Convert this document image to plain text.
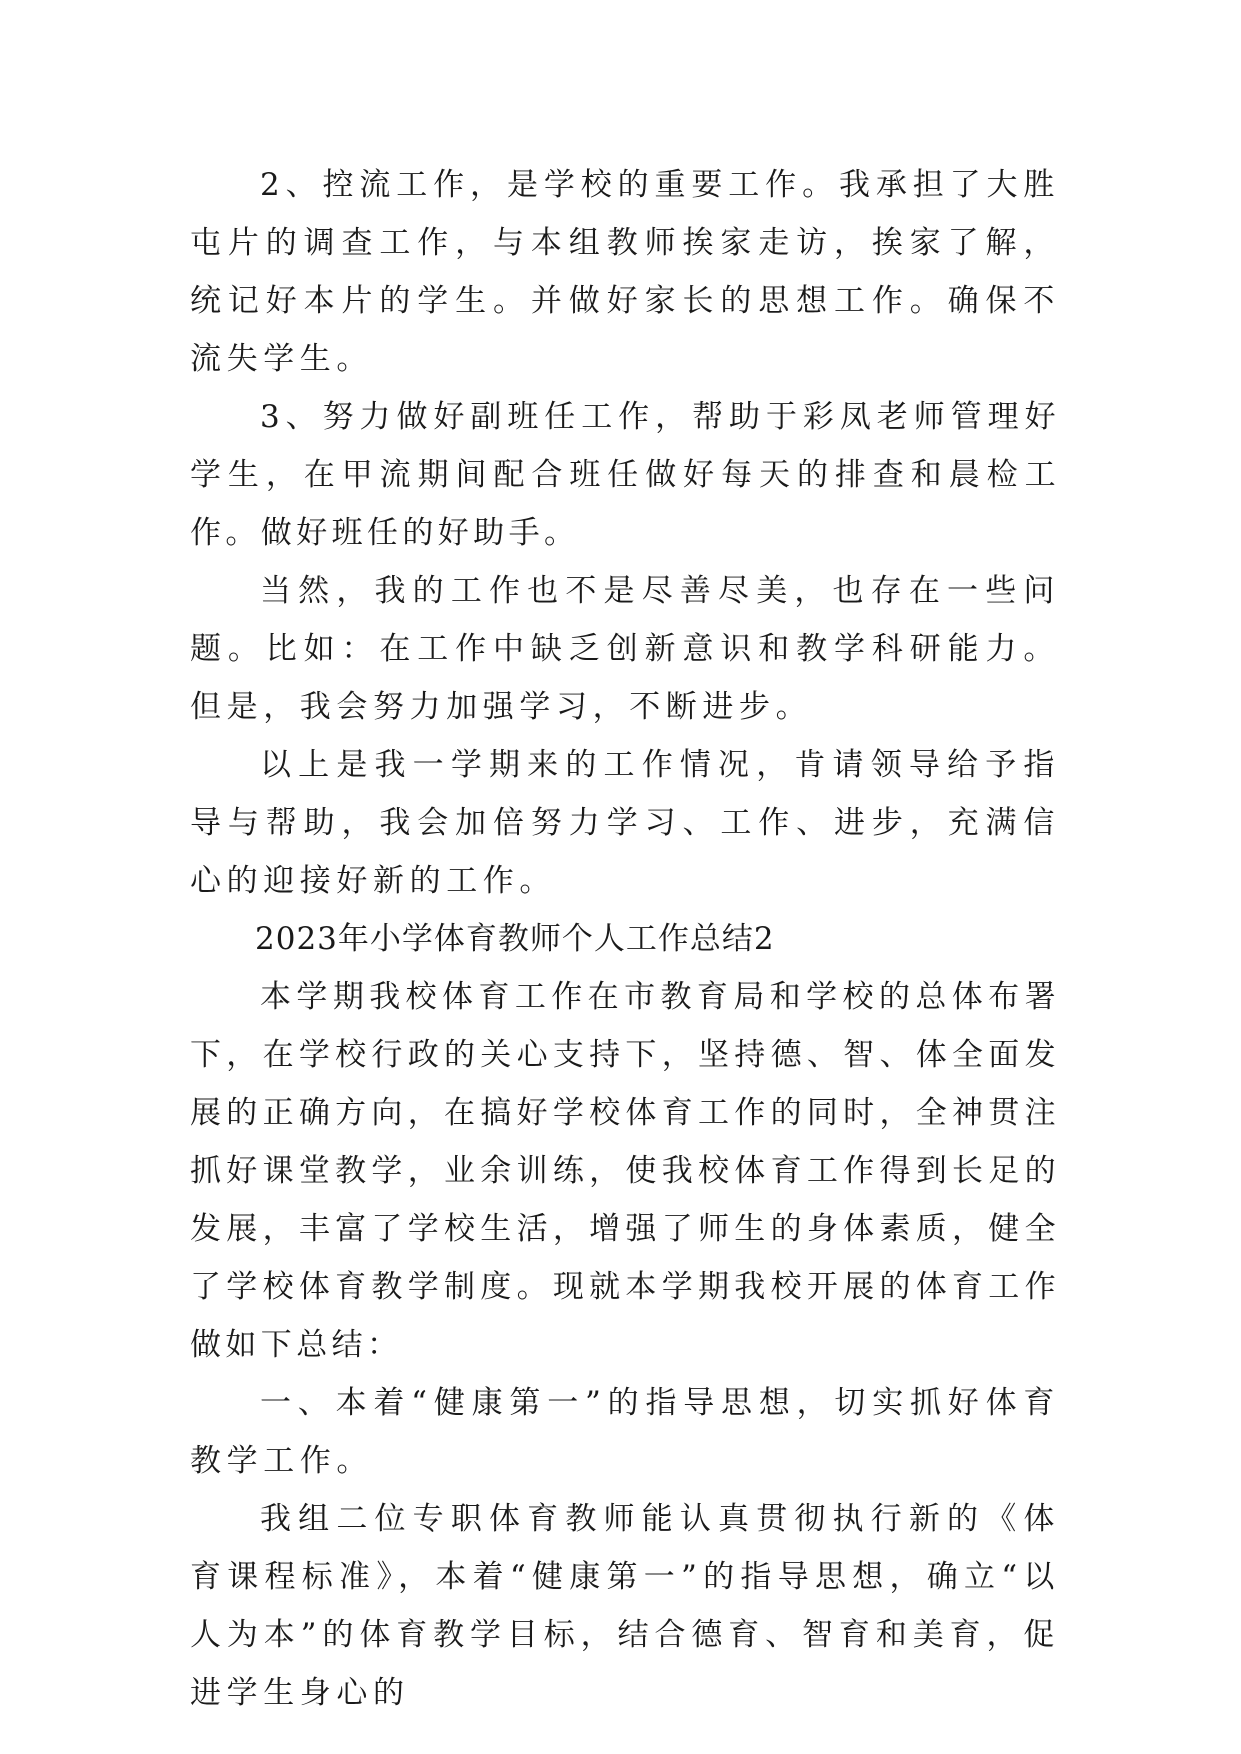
2、控流工作，是学校的重要工作。我承担了大胜屯片的调查工作，与本组教师挨家走访，挨家了解，统记好本片的学生。并做好家长的思想工作。确保不流失学生。

3、努力做好副班任工作，帮助于彩凤老师管理好学生，在甲流期间配合班任做好每天的排查和晨检工作。做好班任的好助手。

当然，我的工作也不是尽善尽美，也存在一些问题。比如：在工作中缺乏创新意识和教学科研能力。但是，我会努力加强学习，不断进步。

以上是我一学期来的工作情况，肯请领导给予指导与帮助，我会加倍努力学习、工作、进步，充满信心的迎接好新的工作。

2023年小学体育教师个人工作总结2

本学期我校体育工作在市教育局和学校的总体布署下，在学校行政的关心支持下，坚持德、智、体全面发展的正确方向，在搞好学校体育工作的同时，全神贯注抓好课堂教学，业余训练，使我校体育工作得到长足的发展，丰富了学校生活，增强了师生的身体素质，健全了学校体育教学制度。现就本学期我校开展的体育工作做如下总结：

一、本着“健康第一”的指导思想，切实抓好体育教学工作。

我组二位专职体育教师能认真贯彻执行新的《体育课程标准》，本着“健康第一”的指导思想，确立“以人为本”的体育教学目标，结合德育、智育和美育，促进学生身心的
